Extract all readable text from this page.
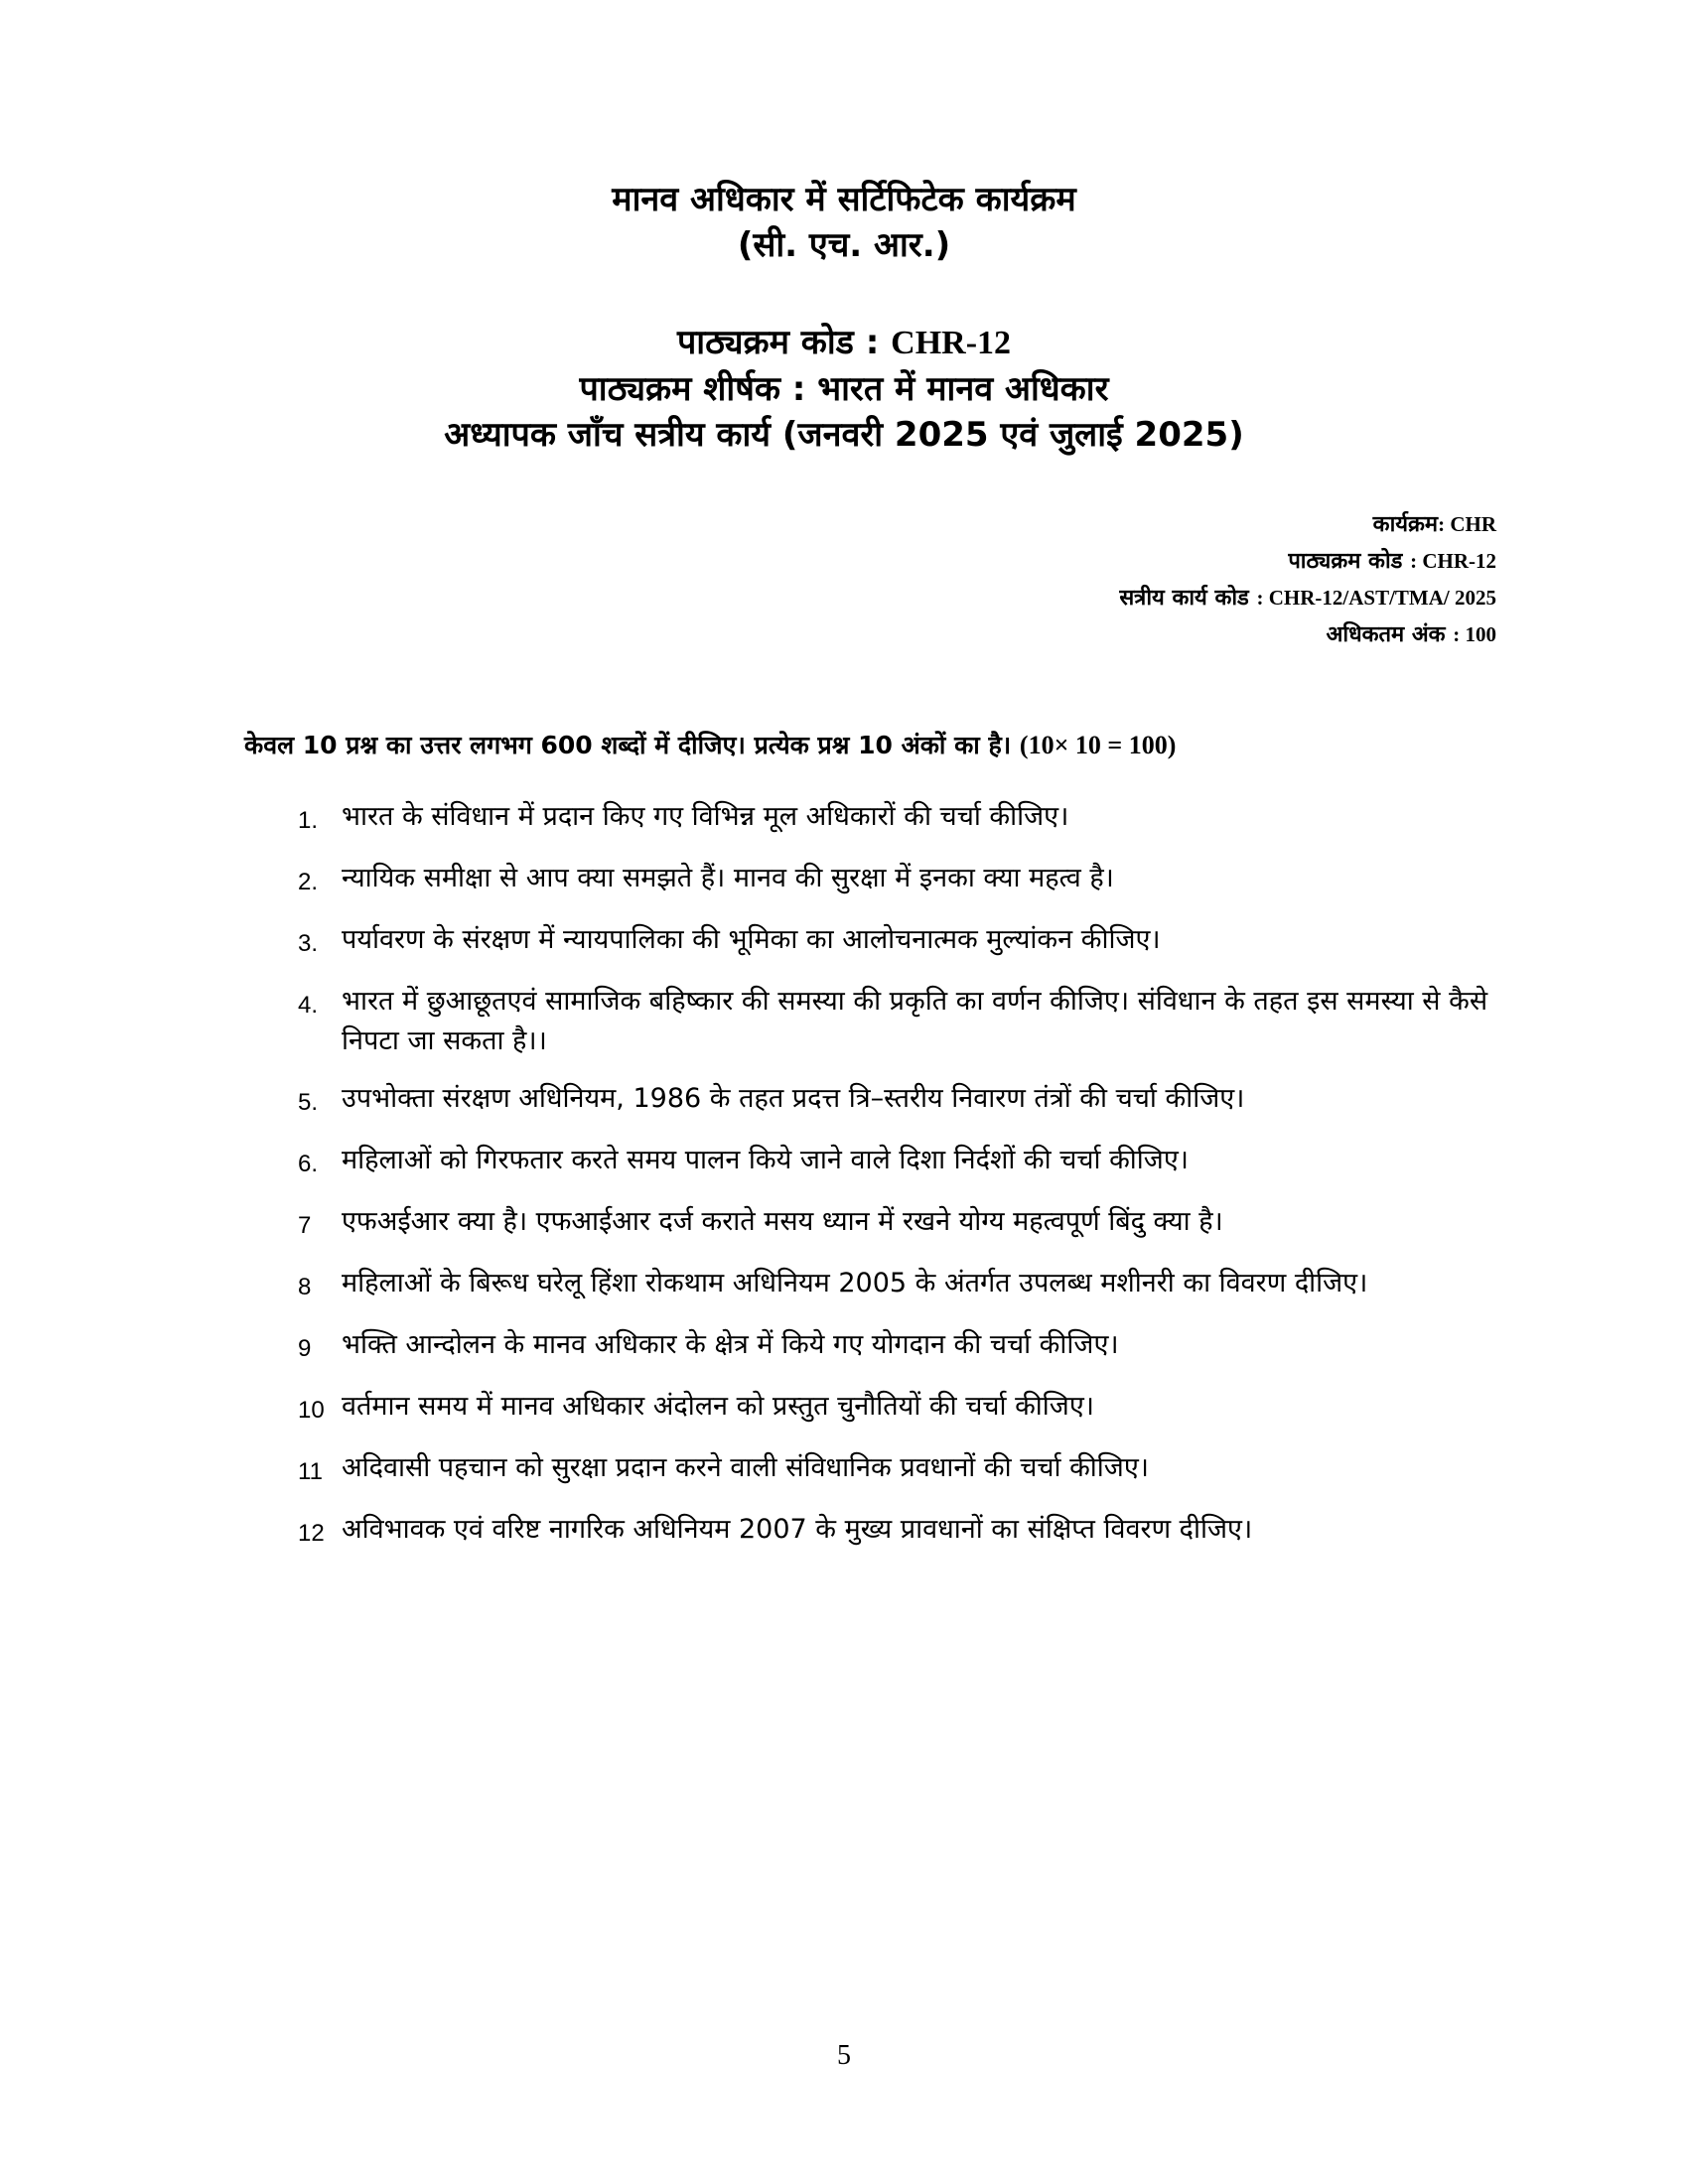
मानव अधिकार में सर्टिफिटेक कार्यक्रम
(सी. एच. आर.)
पाठ्यक्रम कोड : CHR-12
पाठ्यक्रम शीर्षक : भारत में मानव अधिकार
अध्यापक जाँच सत्रीय कार्य (जनवरी 2025 एवं जुलाई 2025)
कार्यक्रम: CHR
पाठ्यक्रम कोड : CHR-12
सत्रीय कार्य कोड : CHR-12/AST/TMA/ 2025
अधिकतम अंक : 100
केवल 10 प्रश्न का उत्तर लगभग 600 शब्दों में दीजिए। प्रत्येक प्रश्न 10 अंकों का है। (10× 10 = 100)
1. भारत के संविधान में प्रदान किए गए विभिन्न मूल अधिकारों की चर्चा कीजिए।
2. न्यायिक समीक्षा से आप क्या समझते हैं। मानव की सुरक्षा में इनका क्या महत्व है।
3. पर्यावरण के संरक्षण में न्यायपालिका की भूमिका का आलोचनात्मक मुल्यांकन कीजिए।
4. भारत में छुआछूतएवं सामाजिक बहिष्कार की समस्या की प्रकृति का वर्णन कीजिए। संविधान के तहत इस समस्या से कैसे निपटा जा सकता है।।
5. उपभोक्ता संरक्षण अधिनियम, 1986 के तहत प्रदत्त त्रि–स्तरीय निवारण तंत्रों की चर्चा कीजिए।
6. महिलाओं को गिरफतार करते समय पालन किये जाने वाले दिशा निर्दशों की चर्चा कीजिए।
7	एफअईआर क्या है। एफआईआर दर्ज कराते मसय ध्यान में रखने योग्य महत्वपूर्ण बिंदु क्या है।
8	महिलाओं के बिरूध घरेलू हिंशा रोकथाम अधिनियम 2005 के अंतर्गत उपलब्ध मशीनरी का विवरण दीजिए।
9	भक्ति आन्दोलन के मानव अधिकार के क्षेत्र में किये गए योगदान की चर्चा कीजिए।
10 वर्तमान समय में मानव अधिकार अंदोलन को प्रस्तुत चुनौतियों की चर्चा कीजिए।
11 अदिवासी पहचान को सुरक्षा प्रदान करने वाली संविधानिक प्रवधानों की चर्चा कीजिए।
12 अविभावक एवं वरिष्ट नागरिक अधिनियम 2007 के मुख्य प्रावधानों का संक्षिप्त विवरण दीजिए।
5
